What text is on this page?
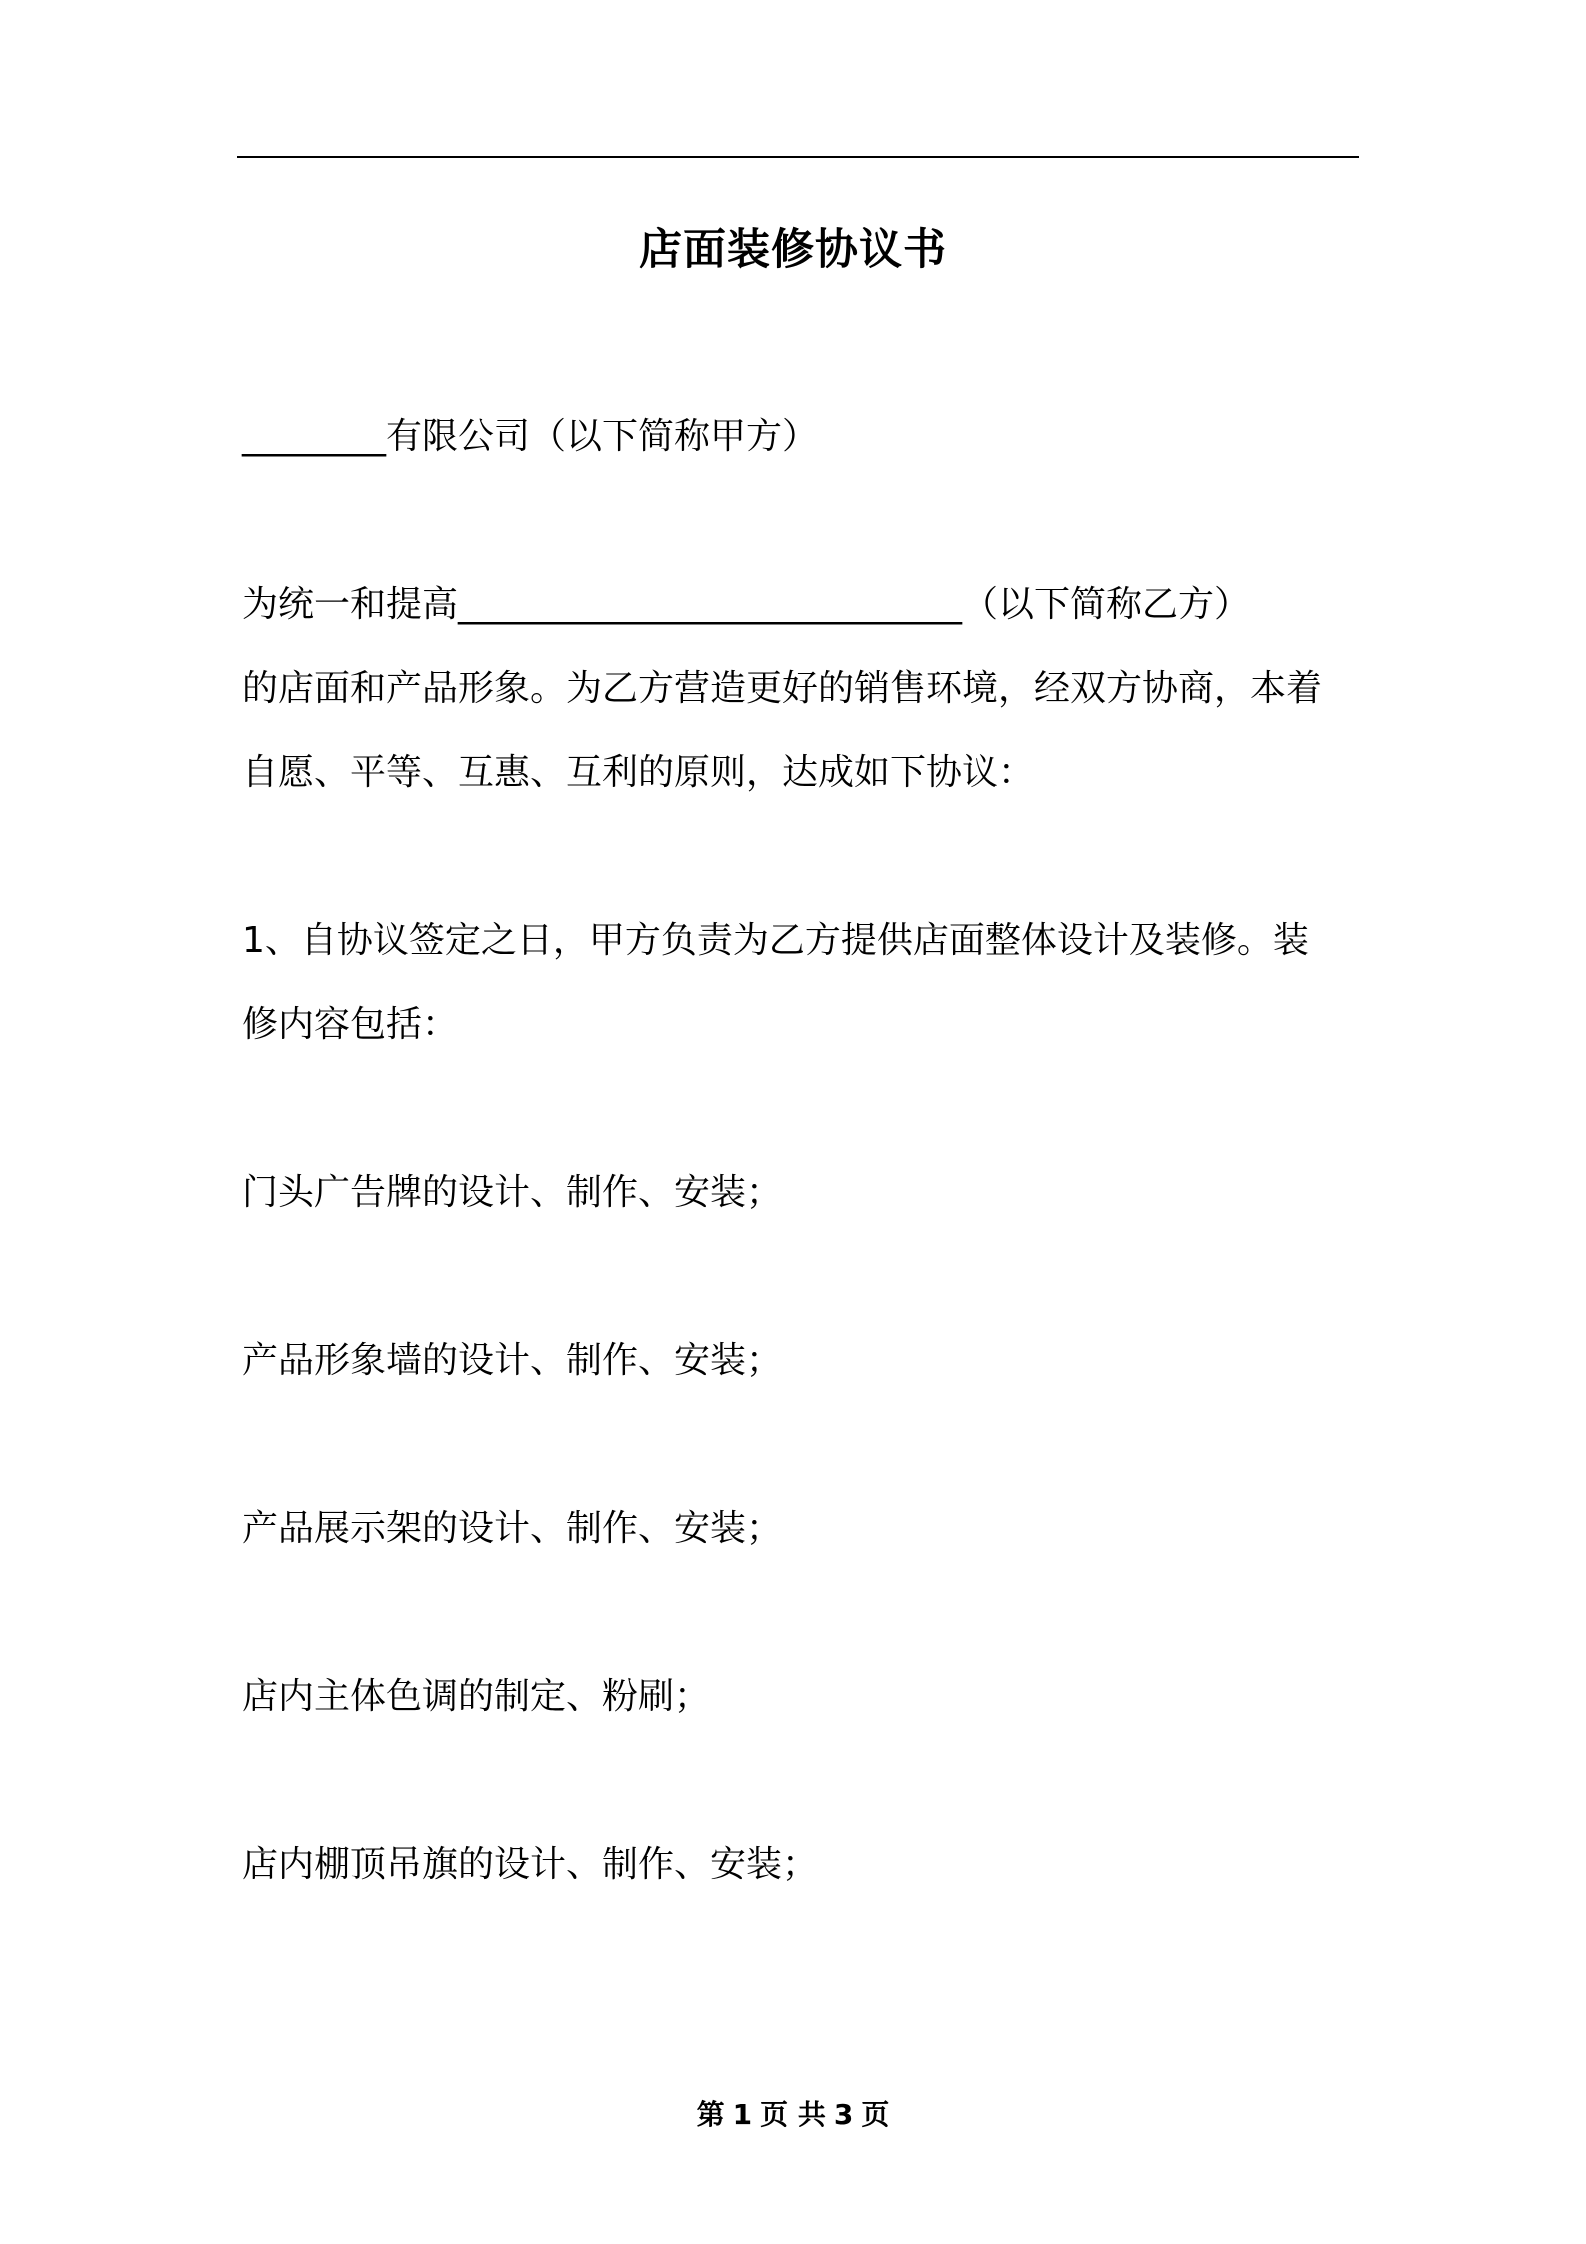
店面装修协议书
________有限公司（以下简称甲方）
为统一和提高____________________________（以下简称乙方）
的店面和产品形象。为乙方营造更好的销售环境，经双方协商，本着
自愿、平等、互惠、互利的原则，达成如下协议：
1、自协议签定之日，甲方负责为乙方提供店面整体设计及装修。装
修内容包括：
门头广告牌的设计、制作、安装；
产品形象墙的设计、制作、安装；
产品展示架的设计、制作、安装；
店内主体色调的制定、粉刷；
店内棚顶吊旗的设计、制作、安装；
第 1 页 共 3 页
